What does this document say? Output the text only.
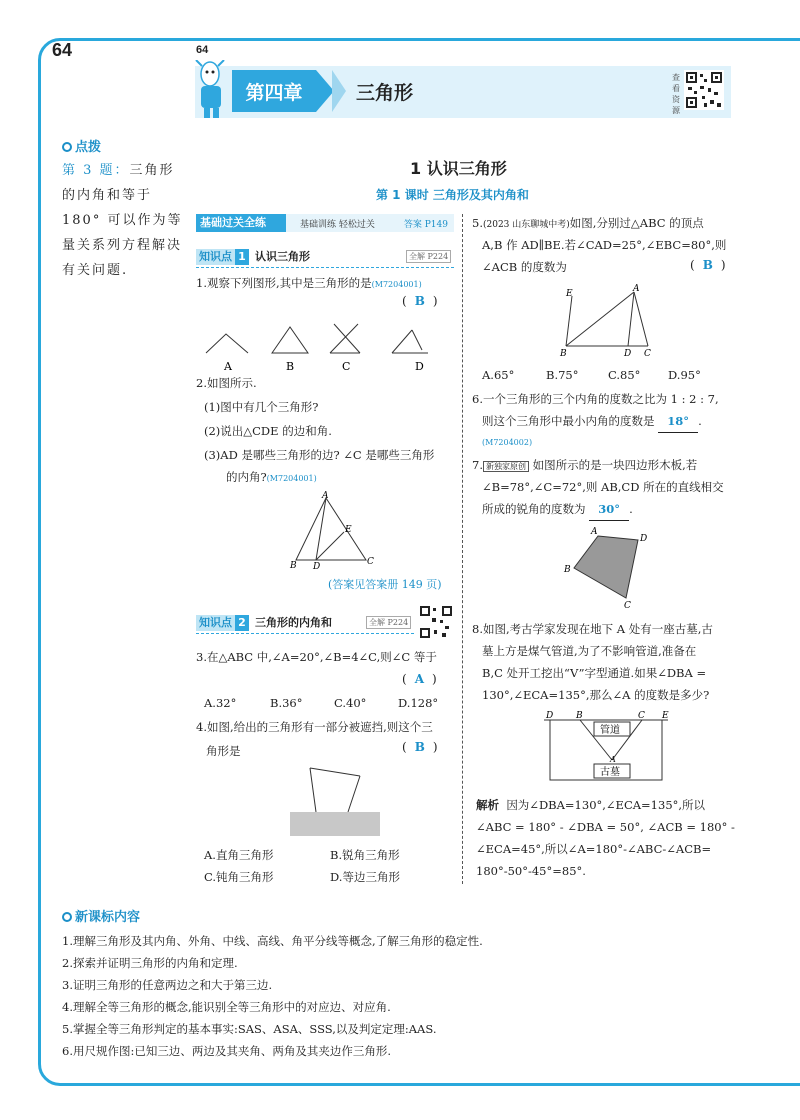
64	64
第四章	三角形
查看资源
点拨
第 3 题：三角形的内角和等于 180° 可以作为等量关系列方程解决有关问题.
1 认识三角形
第 1 课时 三角形及其内角和
基础过关全练	基础训练 轻松过关	答案 P149
知识点 1 认识三角形	全解 P224
1.观察下列图形,其中是三角形的是(M7204001)
( B )
A	B	C	D
2.如图所示.
(1)图中有几个三角形?
(2)说出△CDE 的边和角.
(3)AD 是哪些三角形的边? ∠C 是哪些三角形
的内角?(M7204001)
A
E
B D	C
(答案见答案册 149 页)
知识点 2 三角形的内角和	全解 P224
3.在△ABC 中,∠A=20°,∠B=4∠C,则∠C 等于
( A )
A.32°	B.36°	C.40°	D.128°
4.如图,给出的三角形有一部分被遮挡,则这个三
角形是	( B )
A.直角三角形	B.锐角三角形
C.钝角三角形	D.等边三角形
5.(2023 山东聊城中考)如图,分别过△ABC 的顶点
A,B 作 AD∥BE.若∠CAD=25°,∠EBC=80°,则
∠ACB 的度数为	( B )
E	A
B	D C
A.65°	B.75°	C.85° D.95°
6.一个三角形的三个内角的度数之比为 1 : 2 : 7,
则这个三角形中最小内角的度数是 18° .
(M7204002)
7. 新独家原创 如图所示的是一块四边形木板,若
∠B=78°,∠C=72°,则 AB,CD 所在的直线相交
所成的锐角的度数为 30° .
A
D
B
C
8.如图,考古学家发现在地下 A 处有一座古墓,古
墓上方是煤气管道,为了不影响管道,准备在
B,C 处开工挖出“V”字型通道.如果∠DBA =
130°,∠ECA=135°,那么∠A 的度数是多少?
管道
古墓
D	B	C E
A
解析 因为∠DBA=130°,∠ECA=135°,所以
∠ABC = 180° - ∠DBA = 50°, ∠ACB = 180° -
∠ECA=45°,所以∠A=180°-∠ABC-∠ACB=
180°-50°-45°=85°.
新课标内容
1.理解三角形及其内角、外角、中线、高线、角平分线等概念,了解三角形的稳定性.
2.探索并证明三角形的内角和定理.
3.证明三角形的任意两边之和大于第三边.
4.理解全等三角形的概念,能识别全等三角形中的对应边、对应角.
5.掌握全等三角形判定的基本事实:SAS、ASA、SSS,以及判定定理:AAS.
6.用尺规作图:已知三边、两边及其夹角、两角及其夹边作三角形.
